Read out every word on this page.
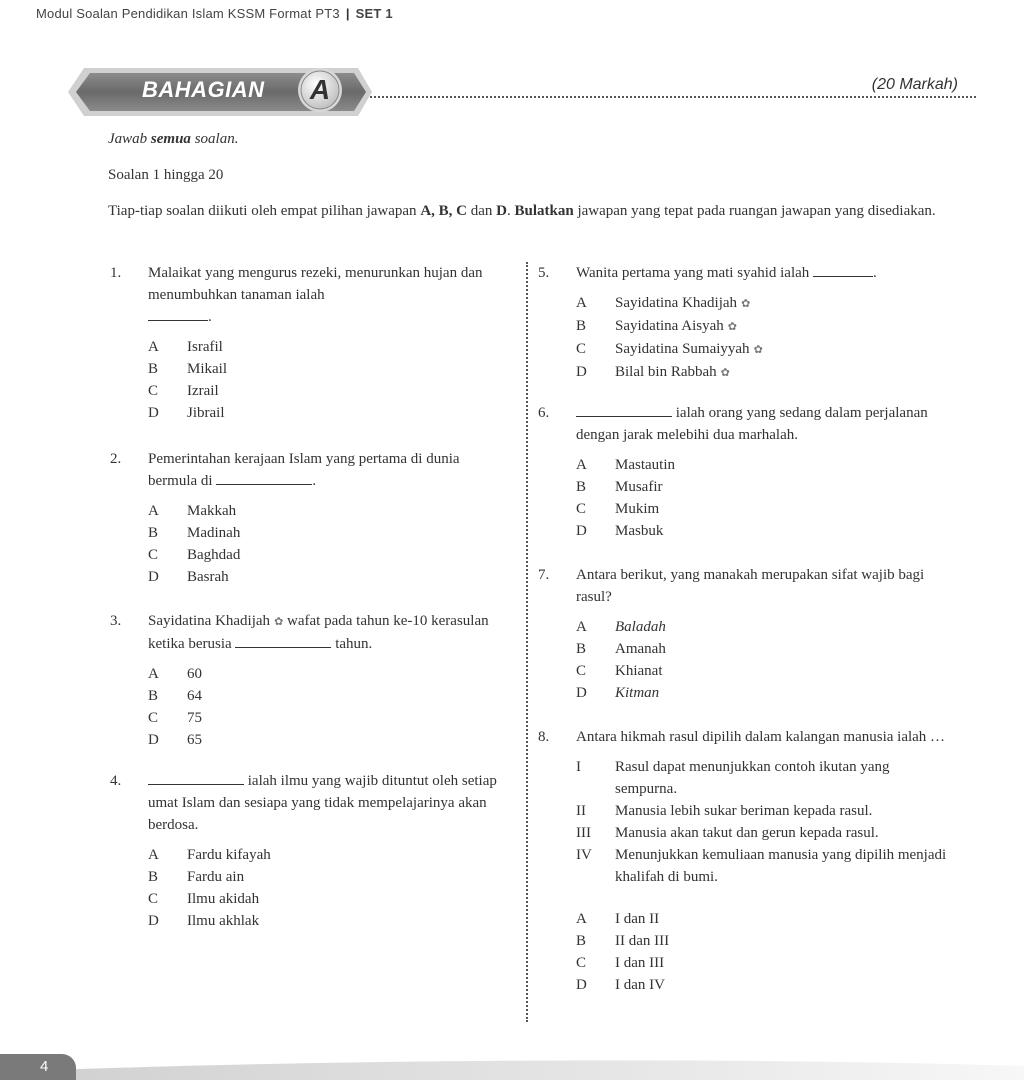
Modul Soalan Pendidikan Islam KSSM Format PT3 | SET 1
BAHAGIAN	A	(20 Markah)
Jawab semua soalan.
Soalan 1 hingga 20
Tiap-tiap soalan diikuti oleh empat pilihan jawapan A, B, C dan D. Bulatkan jawapan yang tepat pada ruangan jawapan yang disediakan.
1. Malaikat yang mengurus rezeki, menurunkan hujan dan menumbuhkan tanaman ialah
.
A	Israfil
B	Mikail
C	Izrail
D	Jibrail
2. Pemerintahan kerajaan Islam yang pertama di dunia bermula di	.
A	Makkah
B	Madinah
C	Baghdad
D	Basrah
3. Sayidatina Khadijah ✿ wafat pada tahun ke-10 kerasulan ketika berusia	tahun.
A	60
B	64
C	75
D	65
4.	ialah ilmu yang wajib dituntut oleh setiap umat Islam dan sesiapa yang tidak mempelajarinya akan berdosa.
A	Fardu kifayah
B	Fardu ain
C	Ilmu akidah
D	Ilmu akhlak
5. Wanita pertama yang mati syahid ialah	.
A	Sayidatina Khadijah ✿
B	Sayidatina Aisyah ✿
C	Sayidatina Sumaiyyah ✿
D	Bilal bin Rabbah ✿
6.	ialah orang yang sedang dalam perjalanan dengan jarak melebihi dua marhalah.
A	Mastautin
B	Musafir
C	Mukim
D	Masbuk
7. Antara berikut, yang manakah merupakan sifat wajib bagi rasul?
A	Baladah
B	Amanah
C	Khianat
D	Kitman
8. Antara hikmah rasul dipilih dalam kalangan manusia ialah …
I	Rasul dapat menunjukkan contoh ikutan yang sempurna.
II	Manusia lebih sukar beriman kepada rasul.
III	Manusia akan takut dan gerun kepada rasul.
IV	Menunjukkan kemuliaan manusia yang dipilih menjadi khalifah di bumi.
A	I dan II
B	II dan III
C	I dan III
D	I dan IV
4
